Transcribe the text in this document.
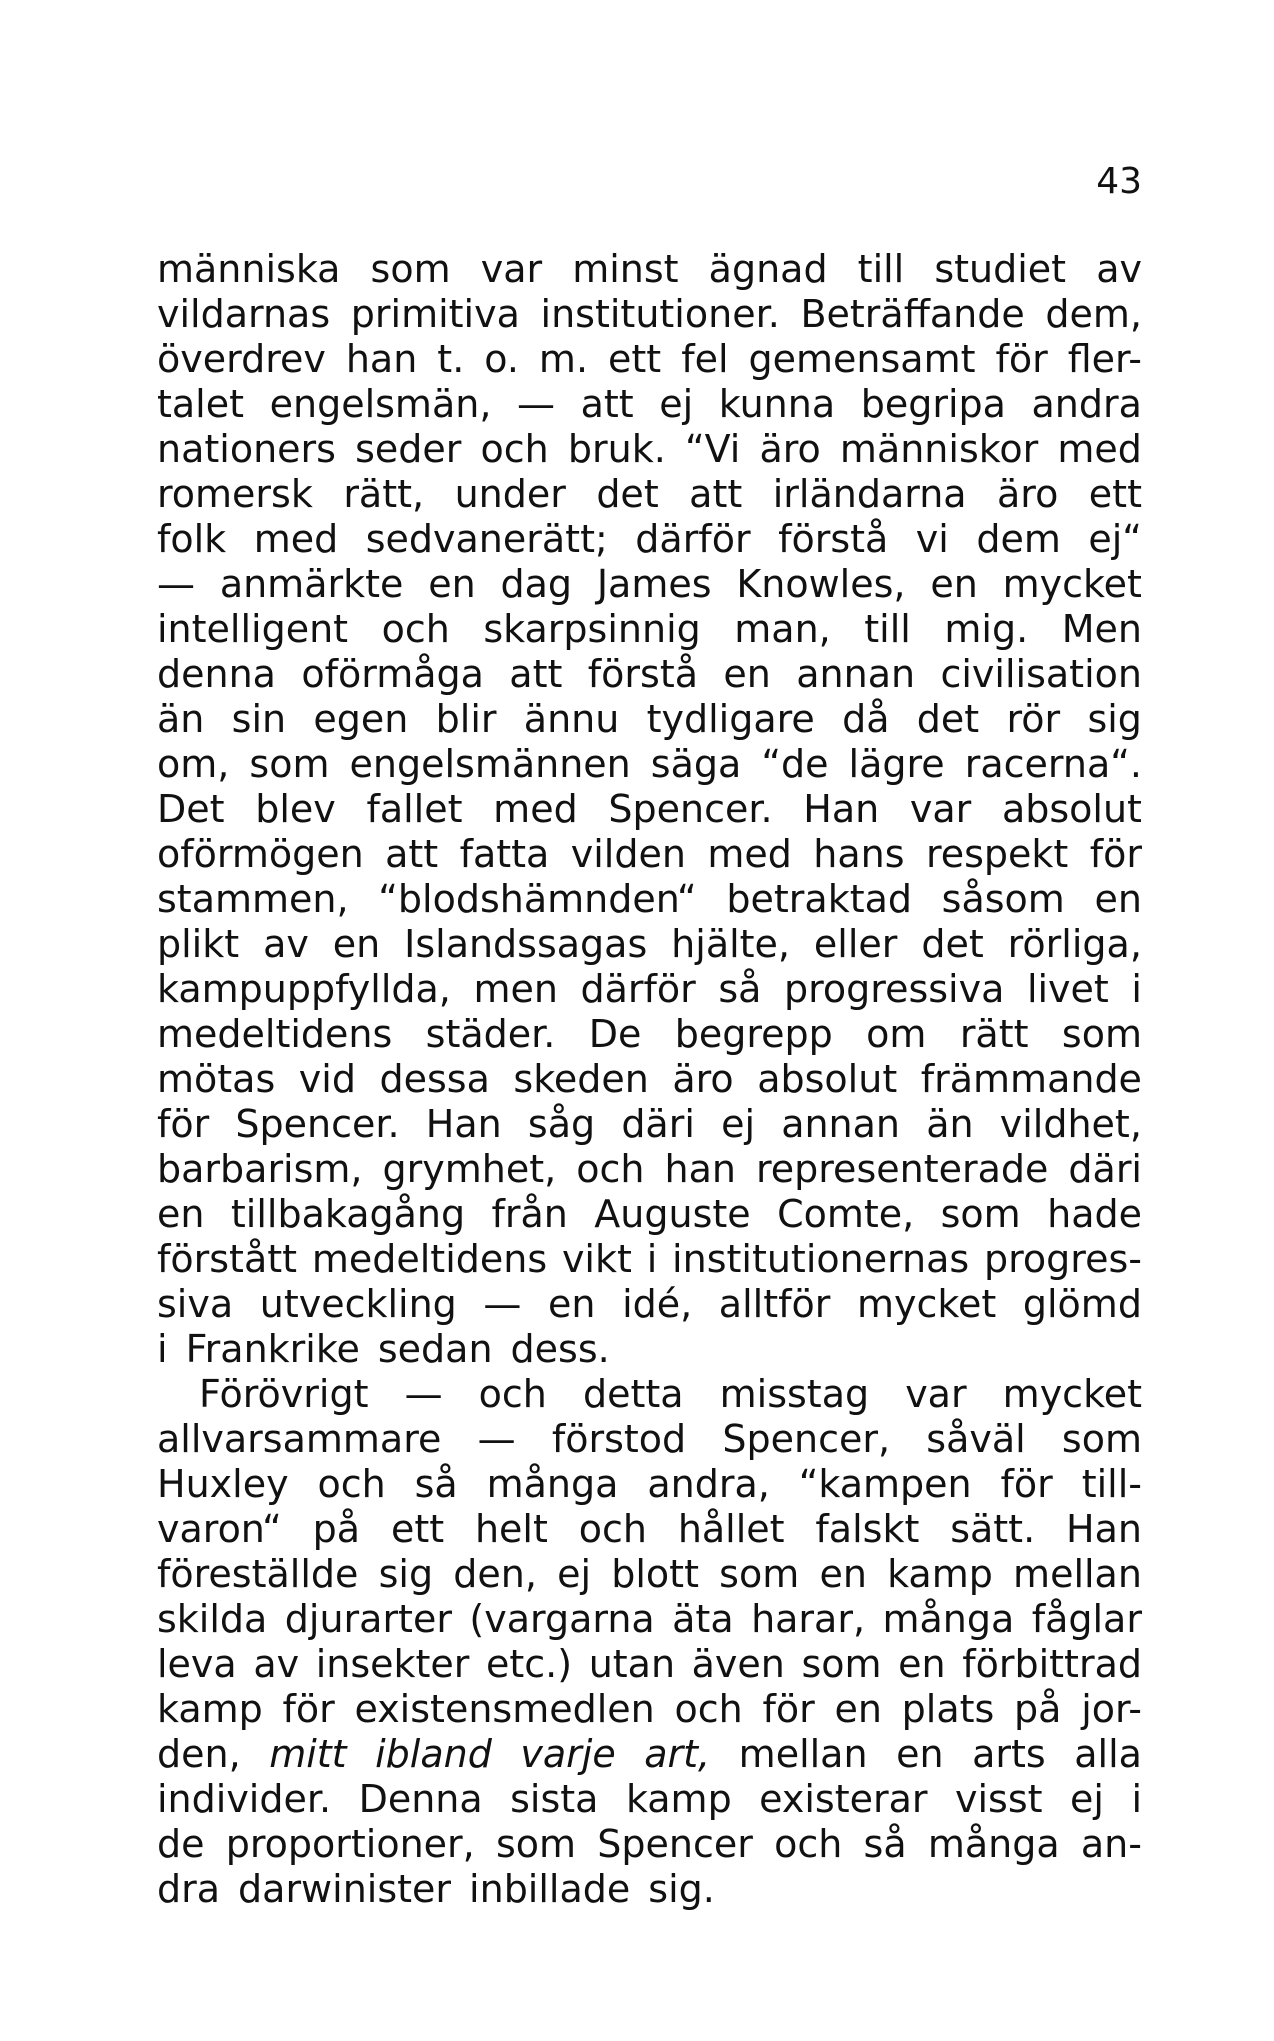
43
människa som var minst ägnad till studiet av
vildarnas primitiva institutioner. Beträffande dem,
överdrev han t. o. m. ett fel gemensamt för fler-
talet engelsmän, — att ej kunna begripa andra
nationers seder och bruk. “Vi äro människor med
romersk rätt, under det att irländarna äro ett
folk med sedvanerätt; därför förstå vi dem ej“
— anmärkte en dag James Knowles, en mycket
intelligent och skarpsinnig man, till mig. Men
denna oförmåga att förstå en annan civilisation
än sin egen blir ännu tydligare då det rör sig
om, som engelsmännen säga “de lägre racerna“.
Det blev fallet med Spencer. Han var absolut
oförmögen att fatta vilden med hans respekt för
stammen, “blodshämnden“ betraktad såsom en
plikt av en Islandssagas hjälte, eller det rörliga,
kampuppfyllda, men därför så progressiva livet i
medeltidens städer. De begrepp om rätt som
mötas vid dessa skeden äro absolut främmande
för Spencer. Han såg däri ej annan än vildhet,
barbarism, grymhet, och han representerade däri
en tillbakagång från Auguste Comte, som hade
förstått medeltidens vikt i institutionernas progres-
siva utveckling — en idé, alltför mycket glömd
i Frankrike sedan dess.
Förövrigt — och detta misstag var mycket
allvarsammare — förstod Spencer, såväl som
Huxley och så många andra, “kampen för till-
varon“ på ett helt och hållet falskt sätt. Han
föreställde sig den, ej blott som en kamp mellan
skilda djurarter (vargarna äta harar, många fåglar
leva av insekter etc.) utan även som en förbittrad
kamp för existensmedlen och för en plats på jor-
den, mitt ibland varje art, mellan en arts alla
individer. Denna sista kamp existerar visst ej i
de proportioner, som Spencer och så många an-
dra darwinister inbillade sig.
